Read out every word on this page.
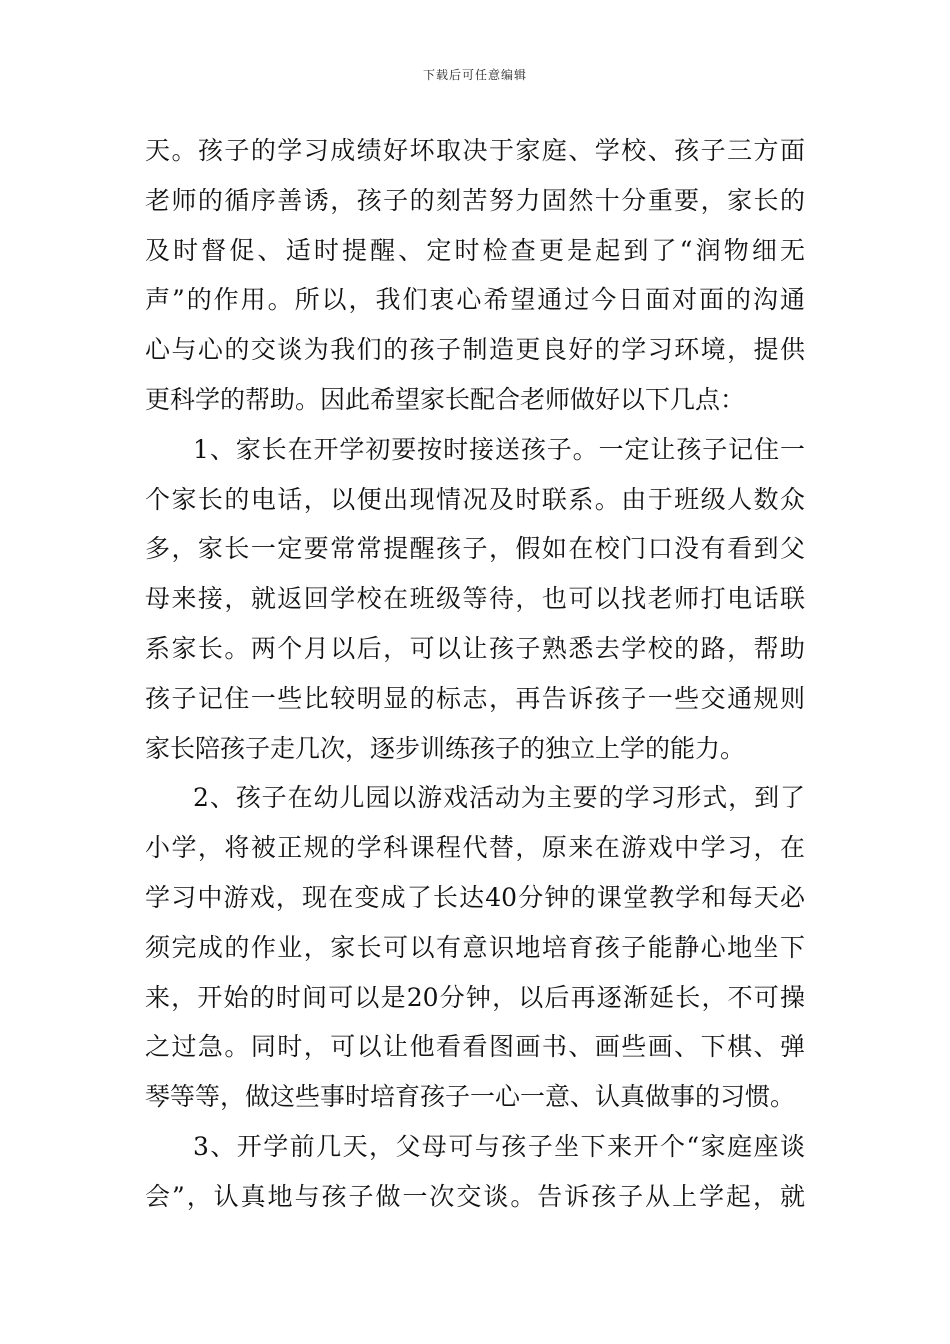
下载后可任意编辑
天。孩子的学习成绩好坏取决于家庭、学校、孩子三方面
老师的循序善诱，孩子的刻苦努力固然十分重要，家长的
及时督促、适时提醒、定时检查更是起到了“润物细无
声”的作用。所以，我们衷心希望通过今日面对面的沟通
心与心的交谈为我们的孩子制造更良好的学习环境，提供
更科学的帮助。因此希望家长配合老师做好以下几点：
1、家长在开学初要按时接送孩子。一定让孩子记住一
个家长的电话，以便出现情况及时联系。由于班级人数众
多，家长一定要常常提醒孩子，假如在校门口没有看到父
母来接，就返回学校在班级等待，也可以找老师打电话联
系家长。两个月以后，可以让孩子熟悉去学校的路，帮助
孩子记住一些比较明显的标志，再告诉孩子一些交通规则
家长陪孩子走几次，逐步训练孩子的独立上学的能力。
2、孩子在幼儿园以游戏活动为主要的学习形式，到了
小学，将被正规的学科课程代替，原来在游戏中学习，在
学习中游戏，现在变成了长达40分钟的课堂教学和每天必
须完成的作业，家长可以有意识地培育孩子能静心地坐下
来，开始的时间可以是20分钟，以后再逐渐延长，不可操
之过急。同时，可以让他看看图画书、画些画、下棋、弹
琴等等，做这些事时培育孩子一心一意、认真做事的习惯。
3、开学前几天，父母可与孩子坐下来开个“家庭座谈
会”，认真地与孩子做一次交谈。告诉孩子从上学起，就
